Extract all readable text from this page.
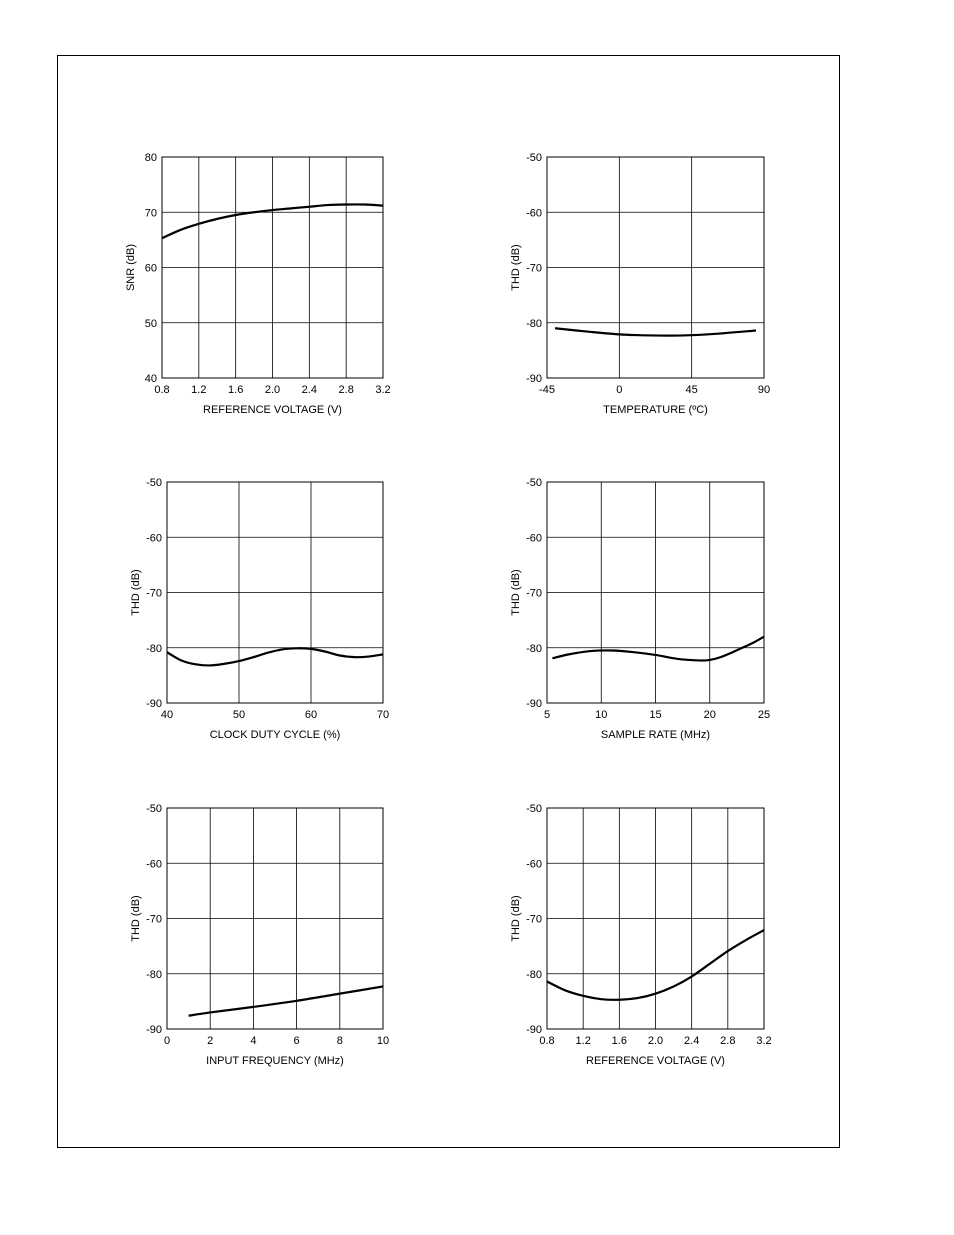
0.8 1.2 1.6 2.0 2.4 2.8 3.2
40
50
60
70
80
REFERENCE VOLTAGE (V)
SNR (dB)
-45	0	45	90
-90
-80
-70
-60
-50
TEMPERATURE (ºC)
THD (dB)
40	50	60	70
-90
-80
-70
-60
-50
CLOCK DUTY CYCLE (%)
THD (dB)
5	10	15	20	25
-90
-80
-70
-60
-50
SAMPLE RATE (MHz)
THD (dB)
0	2	4	6	8	10
-90
-80
-70
-60
-50
INPUT FREQUENCY (MHz)
THD (dB)
0.8 1.2 1.6 2.0 2.4 2.8 3.2
-90
-80
-70
-60
-50
REFERENCE VOLTAGE (V)
THD (dB)
